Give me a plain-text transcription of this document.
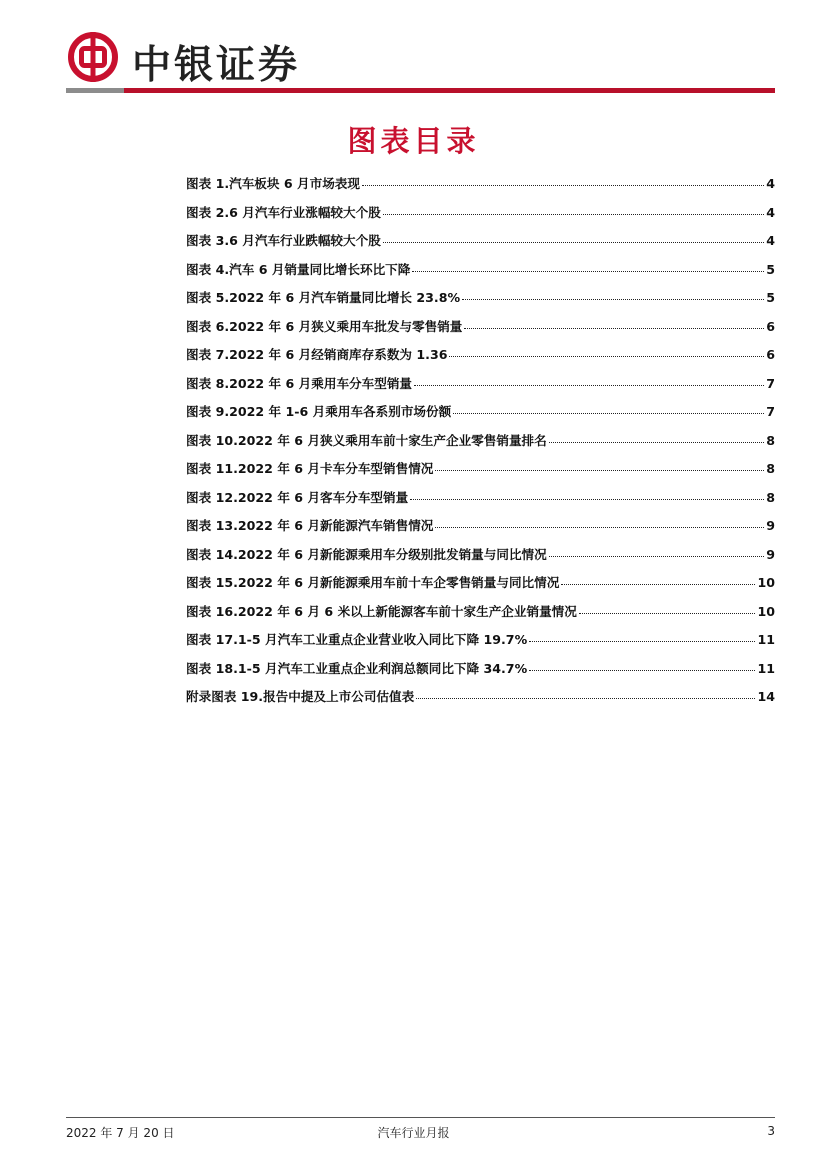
中银证券
图表目录
图表 1.汽车板块 6 月市场表现	4
图表 2.6 月汽车行业涨幅较大个股	4
图表 3.6 月汽车行业跌幅较大个股	4
图表 4.汽车 6 月销量同比增长环比下降	5
图表 5.2022 年 6 月汽车销量同比增长 23.8%	5
图表 6.2022 年 6 月狭义乘用车批发与零售销量	6
图表 7.2022 年 6 月经销商库存系数为 1.36	6
图表 8.2022 年 6 月乘用车分车型销量	7
图表 9.2022 年 1-6 月乘用车各系别市场份额	7
图表 10.2022 年 6 月狭义乘用车前十家生产企业零售销量排名	8
图表 11.2022 年 6 月卡车分车型销售情况	8
图表 12.2022 年 6 月客车分车型销量	8
图表 13.2022 年 6 月新能源汽车销售情况	9
图表 14.2022 年 6 月新能源乘用车分级别批发销量与同比情况	9
图表 15.2022 年 6 月新能源乘用车前十车企零售销量与同比情况	10
图表 16.2022 年 6 月 6 米以上新能源客车前十家生产企业销量情况	10
图表 17.1-5 月汽车工业重点企业营业收入同比下降 19.7%	11
图表 18.1-5 月汽车工业重点企业利润总额同比下降 34.7%	11
附录图表 19.报告中提及上市公司估值表	14
2022 年 7 月 20 日	汽车行业月报	3
